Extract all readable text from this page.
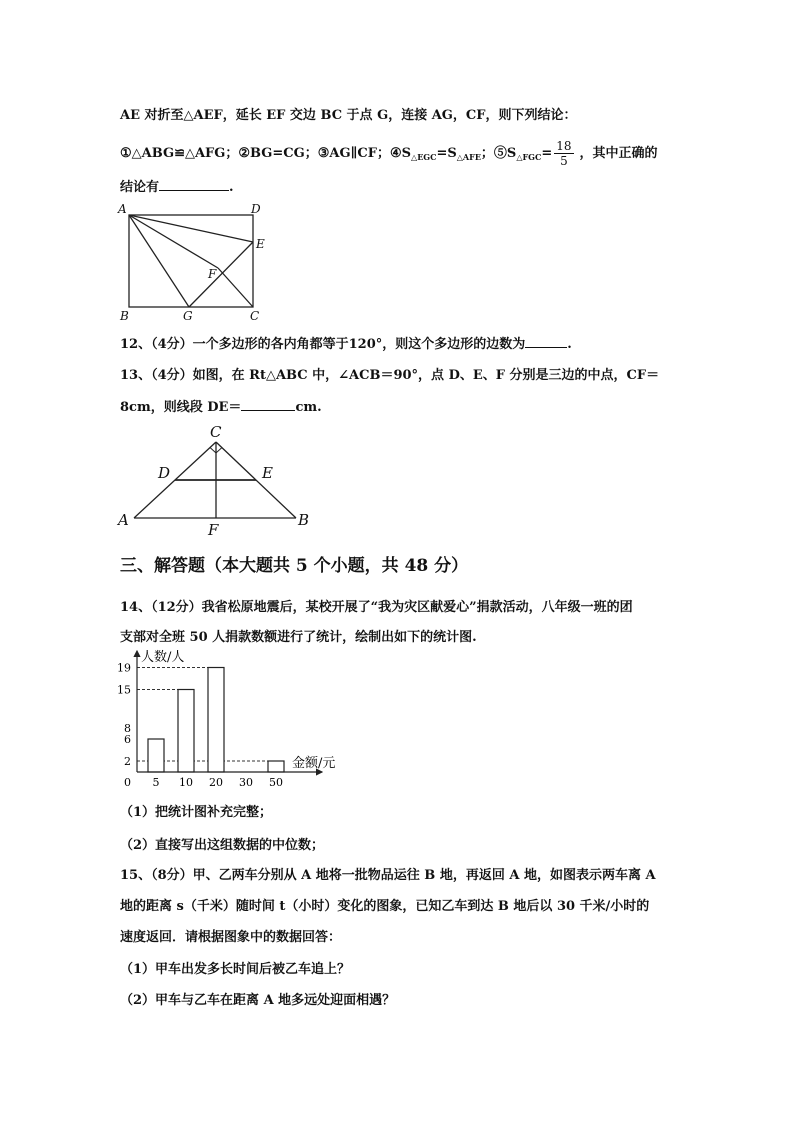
AE 对折至△AEF，延长 EF 交边 BC 于点 G，连接 AG，CF，则下列结论：
①△ABG≌△AFG；②BG=CG；③AG∥CF；$④S_{\triangle EGC}=S_{\triangle AFE}$；$⑤S_{\triangle FGC}= \frac{18}{5}$ ，其中正确的
结论有	.
A	D
E
F
B	G	C
12、（4分）一个多边形的各内角都等于120°，则这个多边形的边数为	.
13、（4分）如图，在 Rt△ABC 中，∠ACB＝90°，点 D、E、F 分别是三边的中点，CF＝
8cm，则线段 DE＝	cm.
C
D	E
A
F
B
三、解答题（本大题共 5 个小题，共 48 分）
14、（12分）我省松原地震后，某校开展了“我为灾区献爱心”捐款活动，八年级一班的团
支部对全班 50 人捐款数额进行了统计，绘制出如下的统计图.
人数/人
金额/元
0
19
15
8
6
2
5 10 20 30 50
（1）把统计图补充完整；
（2）直接写出这组数据的中位数；
15、（8分）甲、乙两车分别从 A 地将一批物品运往 B 地，再返回 A 地，如图表示两车离 A
地的距离 s（千米）随时间 t（小时）变化的图象，已知乙车到达 B 地后以 30 千米/小时的
速度返回．请根据图象中的数据回答：
（1）甲车出发多长时间后被乙车追上？
（2）甲车与乙车在距离 A 地多远处迎面相遇？
